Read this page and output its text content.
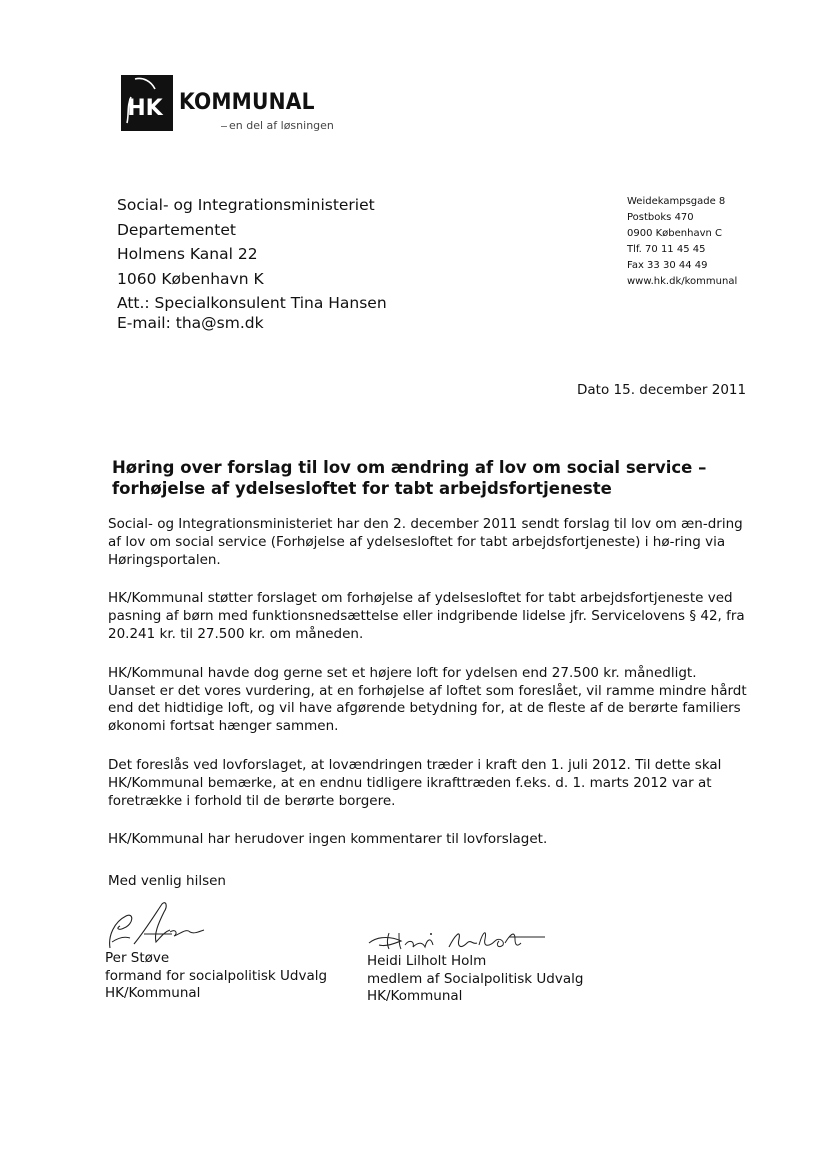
HK KOMMUNAL
en del af løsningen
Social- og Integrationsministeriet
Departementet
Holmens Kanal 22
1060 København K
Att.: Specialkonsulent Tina Hansen
E-mail: tha@sm.dk
Weidekampsgade 8
Postboks 470
0900 København C
Tlf. 70 11 45 45
Fax 33 30 44 49
www.hk.dk/kommunal
Dato 15. december 2011
Høring over forslag til lov om ændring af lov om social service –
forhøjelse af ydelsesloftet for tabt arbejdsfortjeneste

Social- og Integrationsministeriet har den 2. december 2011 sendt forslag til lov om æn-dring af lov om social service (Forhøjelse af ydelsesloftet for tabt arbejdsfortjeneste) i hø-ring via Høringsportalen.

HK/Kommunal støtter forslaget om forhøjelse af ydelsesloftet for tabt arbejdsfortjeneste ved pasning af børn med funktionsnedsættelse eller indgribende lidelse jfr. Servicelovens § 42, fra 20.241 kr. til 27.500 kr. om måneden.

HK/Kommunal havde dog gerne set et højere loft for ydelsen end 27.500 kr. månedligt. Uanset er det vores vurdering, at en forhøjelse af loftet som foreslået, vil ramme mindre hårdt end det hidtidige loft, og vil have afgørende betydning for, at de fleste af de berørte familiers økonomi fortsat hænger sammen.

Det foreslås ved lovforslaget, at lovændringen træder i kraft den 1. juli 2012. Til dette skal HK/Kommunal bemærke, at en endnu tidligere ikrafttræden f.eks. d. 1. marts 2012 var at foretrække i forhold til de berørte borgere.

HK/Kommunal har herudover ingen kommentarer til lovforslaget.

Med venlig hilsen
Per Støve
formand for socialpolitisk Udvalg
HK/Kommunal
Heidi Lilholt Holm
medlem af Socialpolitisk Udvalg
HK/Kommunal
